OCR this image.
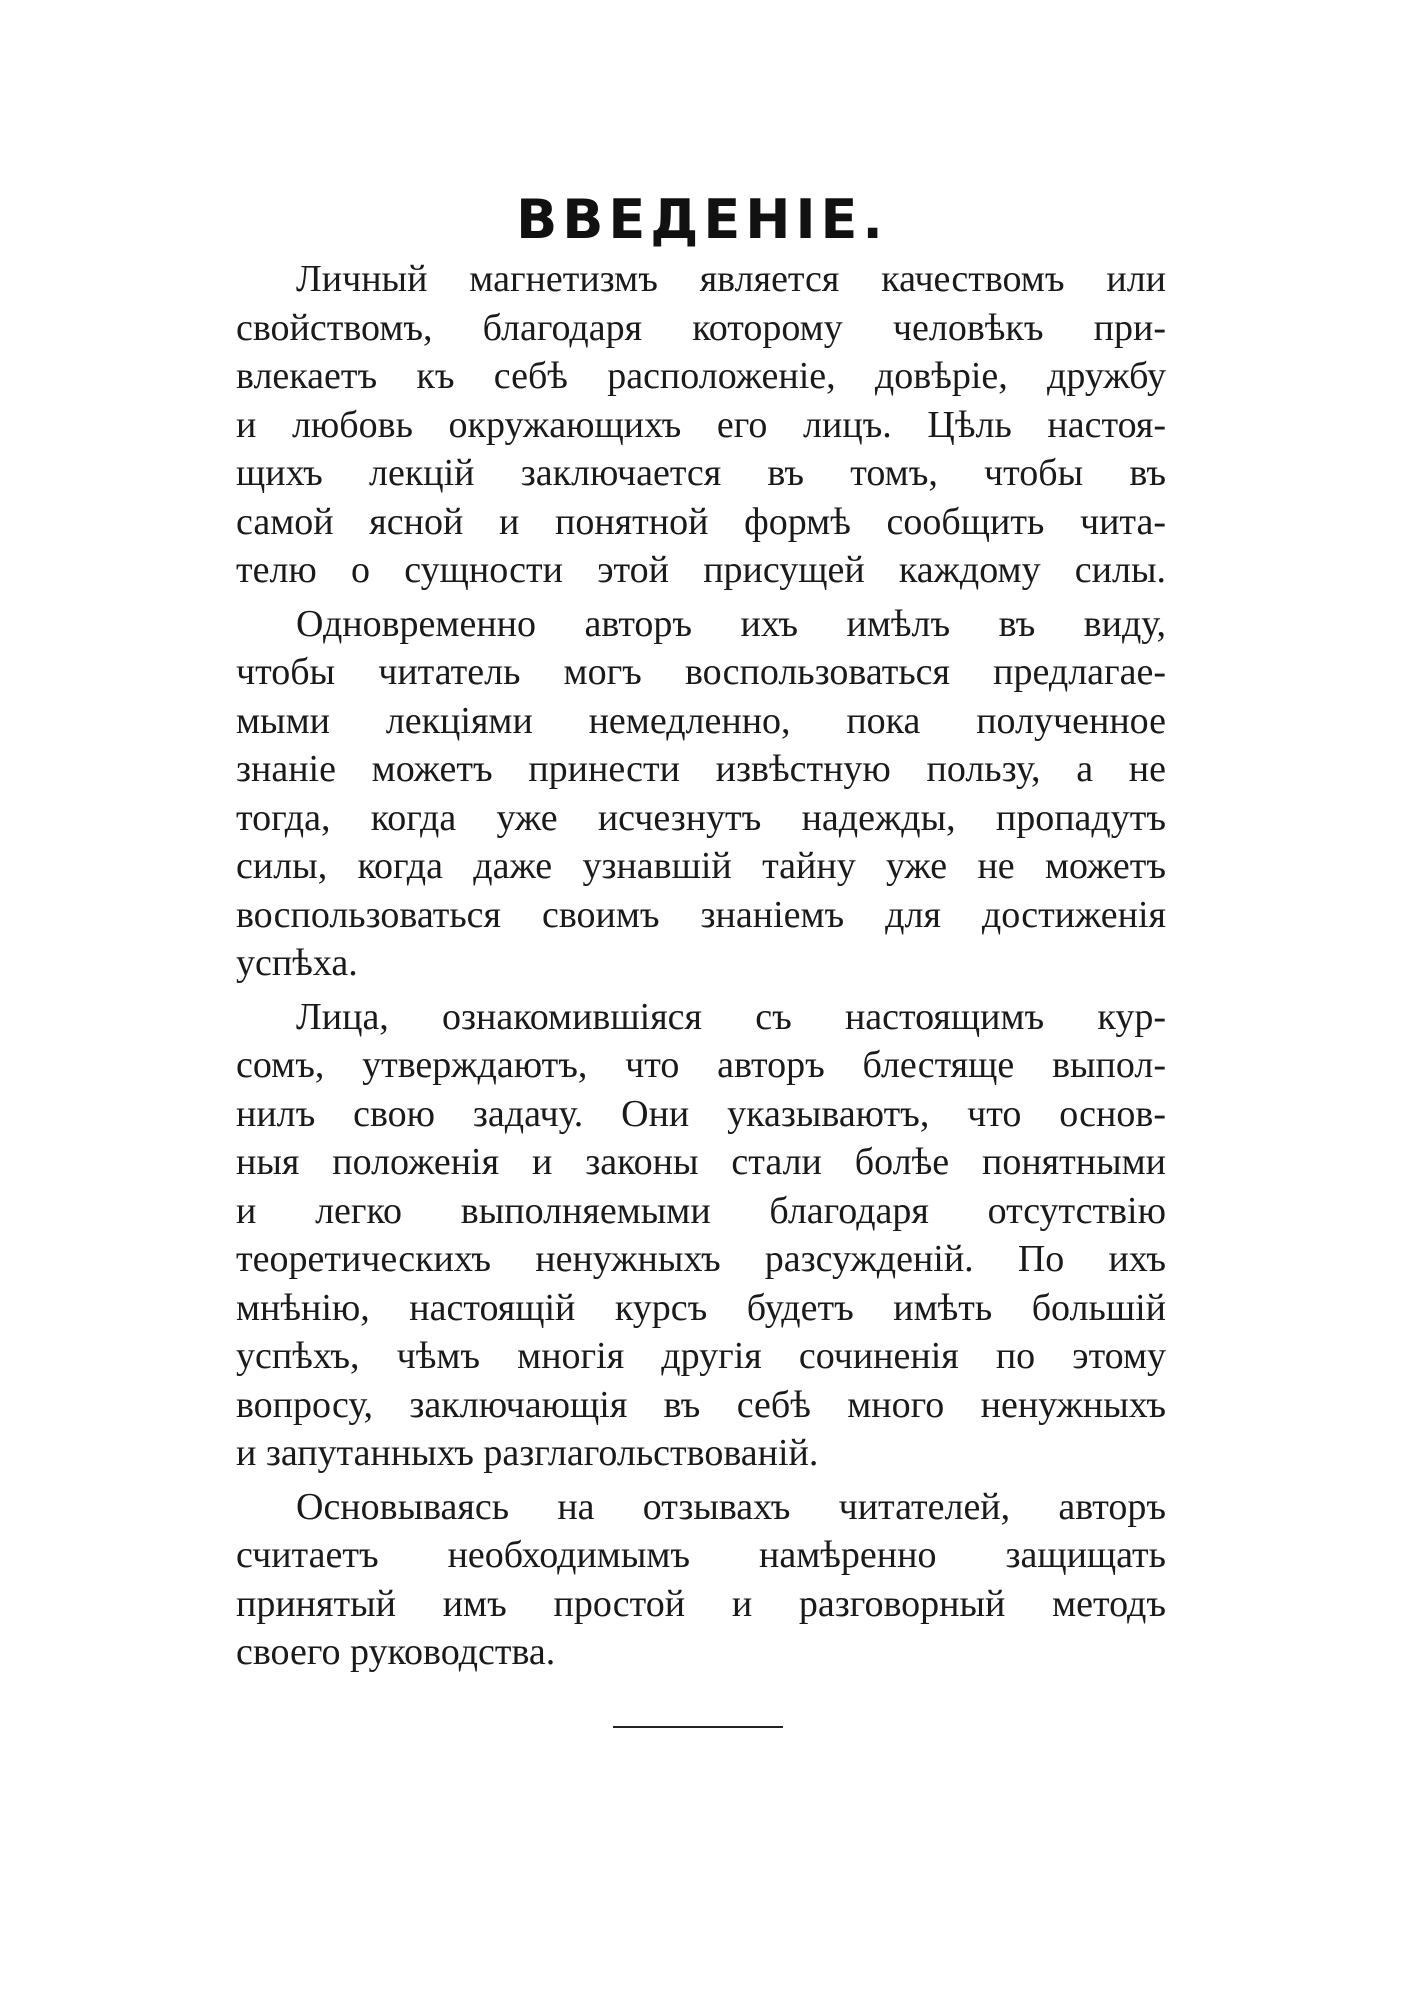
ВВЕДЕНІЕ.
Личный магнетизмъ является качествомъ или
свойствомъ, благодаря которому человѣкъ при-
влекаетъ къ себѣ расположеніе, довѣріе, дружбу
и любовь окружающихъ его лицъ. Цѣль настоя-
щихъ лекцій заключается въ томъ, чтобы въ
самой ясной и понятной формѣ сообщить чита-
телю о сущности этой присущей каждому силы.
Одновременно авторъ ихъ имѣлъ въ виду,
чтобы читатель могъ воспользоваться предлагае-
мыми лекціями немедленно, пока полученное
знаніе можетъ принести извѣстную пользу, а не
тогда, когда уже исчезнутъ надежды, пропадутъ
силы, когда даже узнавшій тайну уже не можетъ
воспользоваться своимъ знаніемъ для достиженія
успѣха.
Лица, ознакомившіяся съ настоящимъ кур-
сомъ, утверждаютъ, что авторъ блестяще выпол-
нилъ свою задачу. Они указываютъ, что основ-
ныя положенія и законы стали болѣе понятными
и легко выполняемыми благодаря отсутствію
теоретическихъ ненужныхъ разсужденій. По ихъ
мнѣнію, настоящій курсъ будетъ имѣть большій
успѣхъ, чѣмъ многія другія сочиненія по этому
вопросу, заключающія въ себѣ много ненужныхъ
и запутанныхъ разглагольствованій.
Основываясь на отзывахъ читателей, авторъ
считаетъ необходимымъ намѣренно защищать
принятый имъ простой и разговорный методъ
своего руководства.
